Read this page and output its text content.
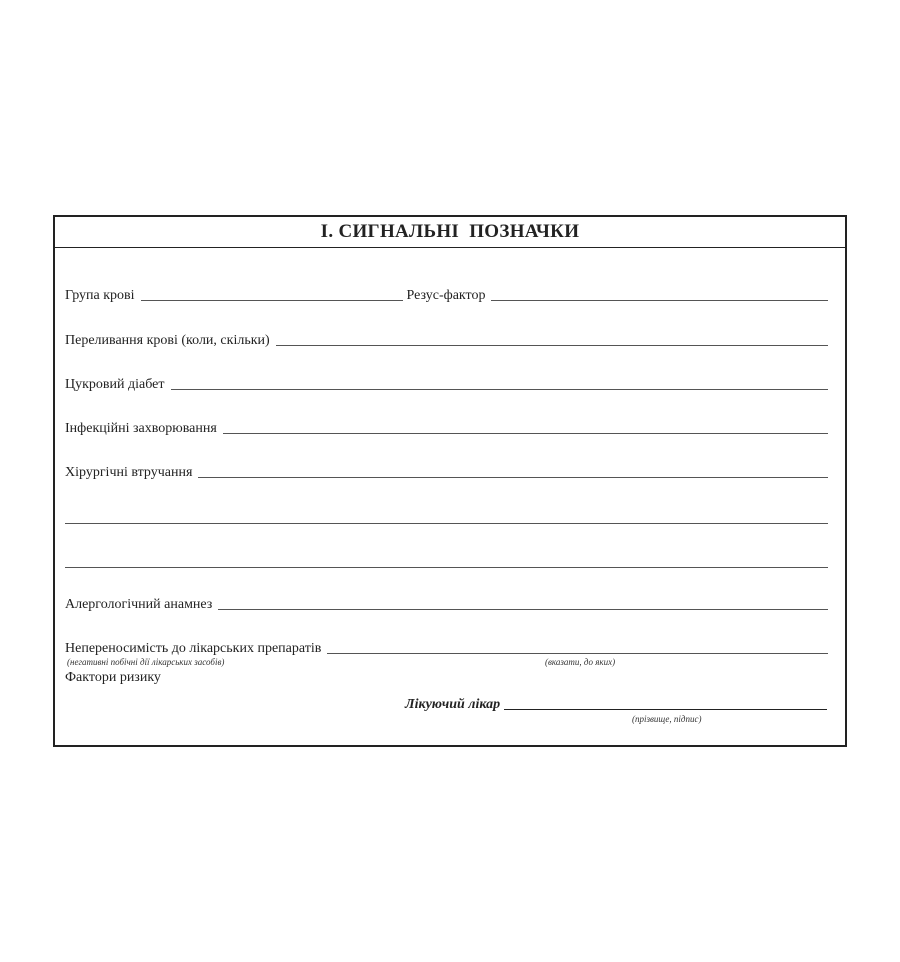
I. СИГНАЛЬНІ  ПОЗНАЧКИ
Група крові	Резус-фактор
Переливання крові (коли, скільки)
Цукровий діабет
Інфекційні захворювання
Хірургічні втручання
Алергологічний анамнез
Непереносимість до лікарських препаратів
(негативні побічні дії лікарських засобів)	(вказати, до яких)
Фактори ризику
Лікуючий лікар
(прізвище, підпис)
